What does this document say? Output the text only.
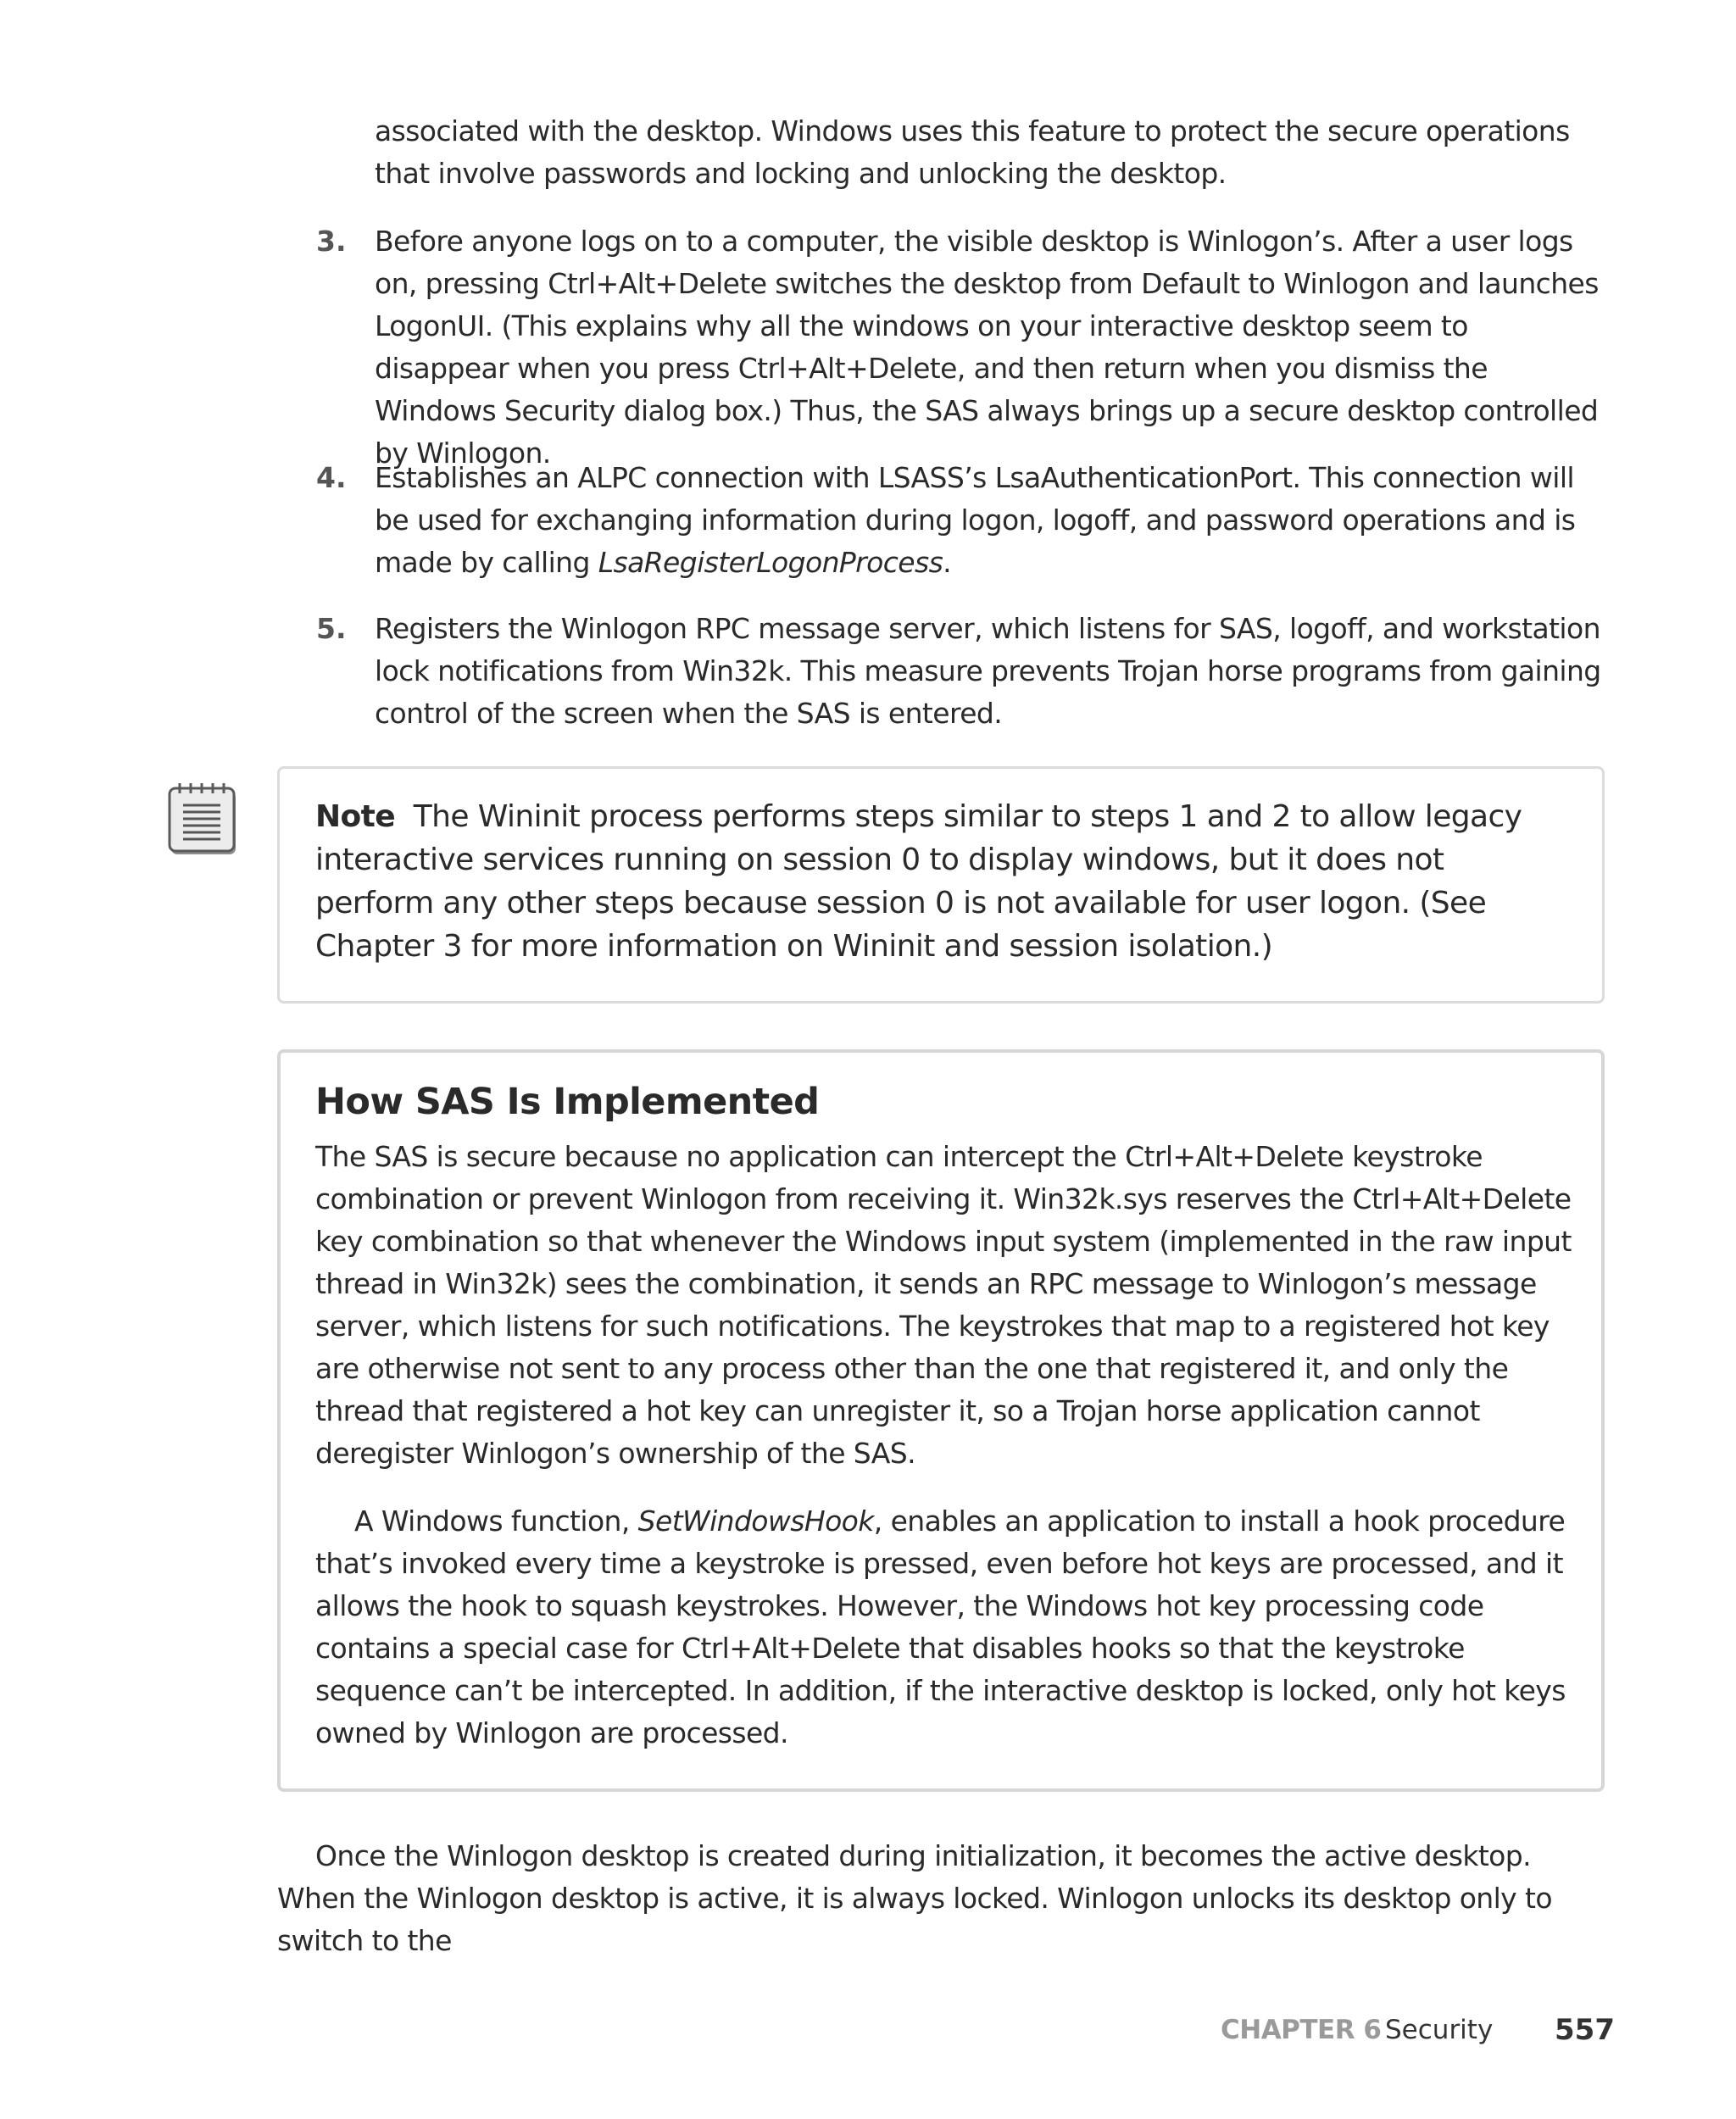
associated with the desktop. Windows uses this feature to protect the secure operations that involve passwords and locking and unlocking the desktop.

3. Before anyone logs on to a computer, the visible desktop is Winlogon’s. After a user logs on, pressing Ctrl+Alt+Delete switches the desktop from Default to Winlogon and launches LogonUI. (This explains why all the windows on your interactive desktop seem to disappear when you press Ctrl+Alt+Delete, and then return when you dismiss the Windows Security dialog box.) Thus, the SAS always brings up a secure desktop controlled by Winlogon.

4. Establishes an ALPC connection with LSASS’s LsaAuthenticationPort. This connection will be used for exchanging information during logon, logoff, and password operations and is made by calling LsaRegisterLogonProcess.

5. Registers the Winlogon RPC message server, which listens for SAS, logoff, and workstation lock notifications from Win32k. This measure prevents Trojan horse programs from gaining control of the screen when the SAS is entered.

Note The Wininit process performs steps similar to steps 1 and 2 to allow legacy interactive services running on session 0 to display windows, but it does not perform any other steps because session 0 is not available for user logon. (See Chapter 3 for more information on Wininit and session isolation.)

How SAS Is Implemented

The SAS is secure because no application can intercept the Ctrl+Alt+Delete keystroke combination or prevent Winlogon from receiving it. Win32k.sys reserves the Ctrl+Alt+Delete key combination so that whenever the Windows input system (implemented in the raw input thread in Win32k) sees the combination, it sends an RPC message to Winlogon’s message server, which listens for such notifications. The keystrokes that map to a registered hot key are otherwise not sent to any process other than the one that registered it, and only the thread that registered a hot key can unregister it, so a Trojan horse application cannot deregister Winlogon’s ownership of the SAS.

A Windows function, SetWindowsHook, enables an application to install a hook procedure that’s invoked every time a keystroke is pressed, even before hot keys are processed, and it allows the hook to squash keystrokes. However, the Windows hot key processing code contains a special case for Ctrl+Alt+Delete that disables hooks so that the keystroke sequence can’t be intercepted. In addition, if the interactive desktop is locked, only hot keys owned by Winlogon are processed.

Once the Winlogon desktop is created during initialization, it becomes the active desktop. When the Winlogon desktop is active, it is always locked. Winlogon unlocks its desktop only to switch to the

CHAPTER 6 Security 557
